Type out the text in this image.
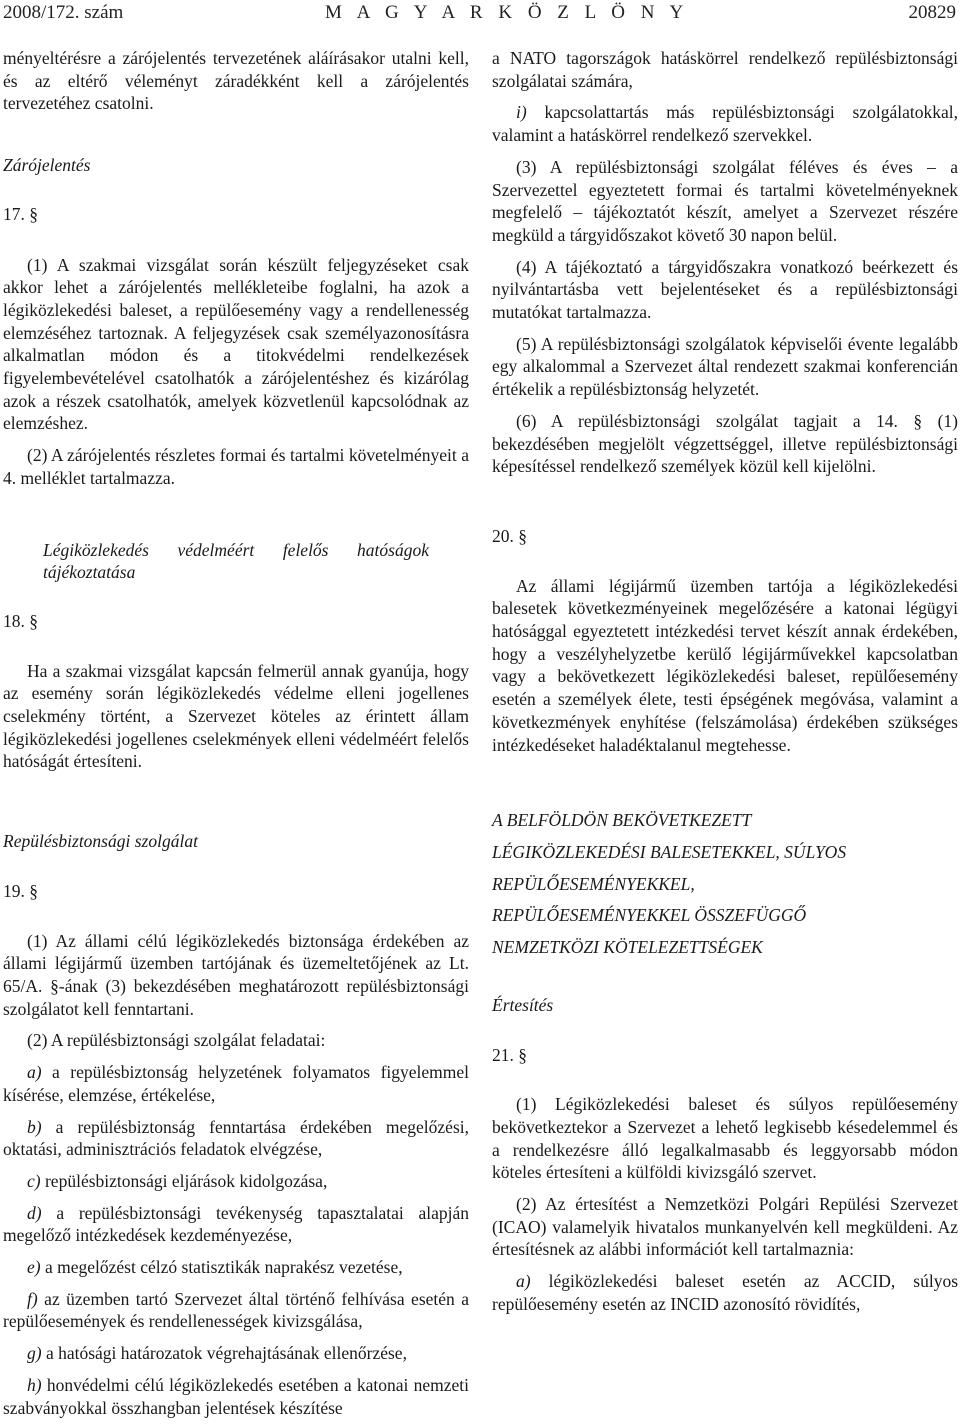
2008/172. szám	M A G Y A R K Ö Z L Ö N Y	20829

ményeltérésre a zárójelentés tervezetének aláírásakor utalni kell, és az eltérő véleményt záradékként kell a zárójelentés tervezetéhez csatolni.

Zárójelentés

17. §

(1) A szakmai vizsgálat során készült feljegyzéseket csak akkor lehet a zárójelentés mellékleteibe foglalni, ha azok a légiközlekedési baleset, a repülőesemény vagy a rendellenesség elemzéséhez tartoznak. A feljegyzések csak személyazonosításra alkalmatlan módon és a titokvédelmi rendelkezések figyelembevételével csatolhatók a zárójelentéshez és kizárólag azok a részek csatolhatók, amelyek közvetlenül kapcsolódnak az elemzéshez.

(2) A zárójelentés részletes formai és tartalmi követelményeit a 4. melléklet tartalmazza.

Légiközlekedés védelméért felelős hatóságok tájékoztatása

18. §

Ha a szakmai vizsgálat kapcsán felmerül annak gyanúja, hogy az esemény során légiközlekedés védelme elleni jogellenes cselekmény történt, a Szervezet köteles az érintett állam légiközlekedési jogellenes cselekmények elleni védelméért felelős hatóságát értesíteni.

Repülésbiztonsági szolgálat

19. §

(1) Az állami célú légiközlekedés biztonsága érdekében az állami légijármű üzemben tartójának és üzemeltetőjének az Lt. 65/A. §-ának (3) bekezdésében meghatározott repülésbiztonsági szolgálatot kell fenntartani.

(2) A repülésbiztonsági szolgálat feladatai:

a) a repülésbiztonság helyzetének folyamatos figyelemmel kísérése, elemzése, értékelése,

b) a repülésbiztonság fenntartása érdekében megelőzési, oktatási, adminisztrációs feladatok elvégzése,

c) repülésbiztonsági eljárások kidolgozása,

d) a repülésbiztonsági tevékenység tapasztalatai alapján megelőző intézkedések kezdeményezése,

e) a megelőzést célzó statisztikák naprakész vezetése,

f) az üzemben tartó Szervezet által történő felhívása esetén a repülőesemények és rendellenességek kivizsgálása,

g) a hatósági határozatok végrehajtásának ellenőrzése,

h) honvédelmi célú légiközlekedés esetében a katonai nemzeti szabványokkal összhangban jelentések készítése

a NATO tagországok hatáskörrel rendelkező repülésbiztonsági szolgálatai számára,

i) kapcsolattartás más repülésbiztonsági szolgálatokkal, valamint a hatáskörrel rendelkező szervekkel.

(3) A repülésbiztonsági szolgálat féléves és éves – a Szervezettel egyeztetett formai és tartalmi követelményeknek megfelelő – tájékoztatót készít, amelyet a Szervezet részére megküld a tárgyidőszakot követő 30 napon belül.

(4) A tájékoztató a tárgyidőszakra vonatkozó beérkezett és nyilvántartásba vett bejelentéseket és a repülésbiztonsági mutatókat tartalmazza.

(5) A repülésbiztonsági szolgálatok képviselői évente legalább egy alkalommal a Szervezet által rendezett szakmai konferencián értékelik a repülésbiztonság helyzetét.

(6) A repülésbiztonsági szolgálat tagjait a 14. § (1) bekezdésében megjelölt végzettséggel, illetve repülésbiztonsági képesítéssel rendelkező személyek közül kell kijelölni.

20. §

Az állami légijármű üzemben tartója a légiközlekedési balesetek következményeinek megelőzésére a katonai légügyi hatósággal egyeztetett intézkedési tervet készít annak érdekében, hogy a veszélyhelyzetbe kerülő légijárművekkel kapcsolatban vagy a bekövetkezett légiközlekedési baleset, repülőesemény esetén a személyek élete, testi épségének megóvása, valamint a következmények enyhítése (felszámolása) érdekében szükséges intézkedéseket haladéktalanul megtehesse.

A BELFÖLDÖN BEKÖVETKEZETT

LÉGIKÖZLEKEDÉSI BALESETEKKEL, SÚLYOS

REPÜLŐESEMÉNYEKKEL,

REPÜLŐESEMÉNYEKKEL ÖSSZEFÜGGŐ

NEMZETKÖZI KÖTELEZETTSÉGEK

Értesítés

21. §

(1) Légiközlekedési baleset és súlyos repülőesemény bekövetkeztekor a Szervezet a lehető legkisebb késedelemmel és a rendelkezésre álló legalkalmasabb és leggyorsabb módon köteles értesíteni a külföldi kivizsgáló szervet.

(2) Az értesítést a Nemzetközi Polgári Repülési Szervezet (ICAO) valamelyik hivatalos munkanyelvén kell megküldeni. Az értesítésnek az alábbi információt kell tartalmaznia:

a) légiközlekedési baleset esetén az ACCID, súlyos repülőesemény esetén az INCID azonosító rövidítés,
